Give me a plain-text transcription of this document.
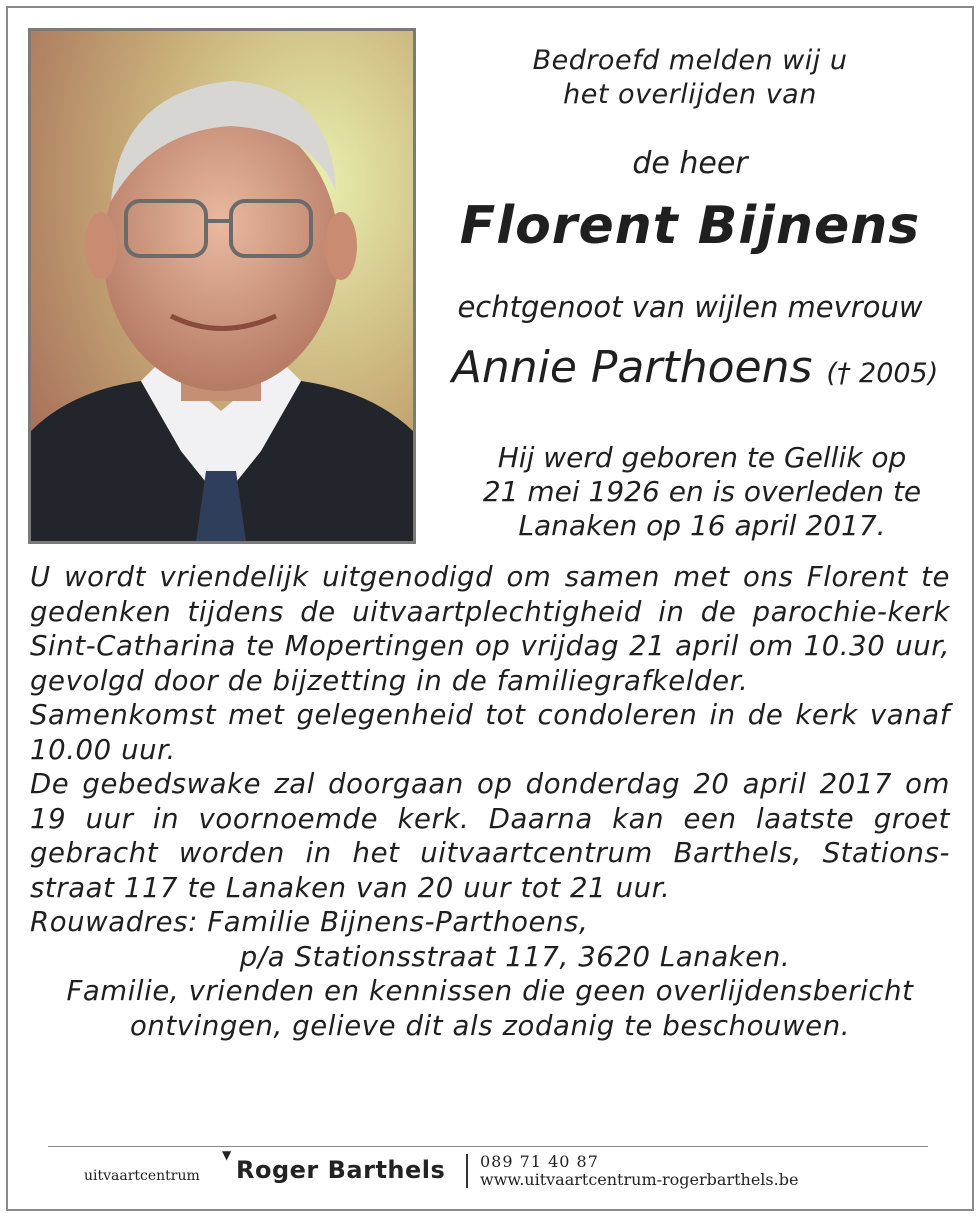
Bedroefd melden wij u
het overlijden van
de heer
Florent Bijnens
echtgenoot van wijlen mevrouw
Annie Parthoens († 2005)
Hij werd geboren te Gellik op
21 mei 1926 en is overleden te
Lanaken op 16 april 2017.

U wordt vriendelijk uitgenodigd om samen met ons Florent te gedenken tijdens de uitvaartplechtigheid in de parochie-kerk Sint-Catharina te Mopertingen op vrijdag 21 april om 10.30 uur, gevolgd door de bijzetting in de familiegrafkelder.

Samenkomst met gelegenheid tot condoleren in de kerk vanaf 10.00 uur.

De gebedswake zal doorgaan op donderdag 20 april 2017 om 19 uur in voornoemde kerk. Daarna kan een laatste groet gebracht worden in het uitvaartcentrum Barthels, Stations-straat 117 te Lanaken van 20 uur tot 21 uur.

Rouwadres: Familie Bijnens-Parthoens,

p/a Stationsstraat 117, 3620 Lanaken.

Familie, vrienden en kennissen die geen overlijdensbericht

ontvingen, gelieve dit als zodanig te beschouwen.

uitvaartcentrum
▼
Roger Barthels 089 71 40 87
www.uitvaartcentrum-rogerbarthels.be
